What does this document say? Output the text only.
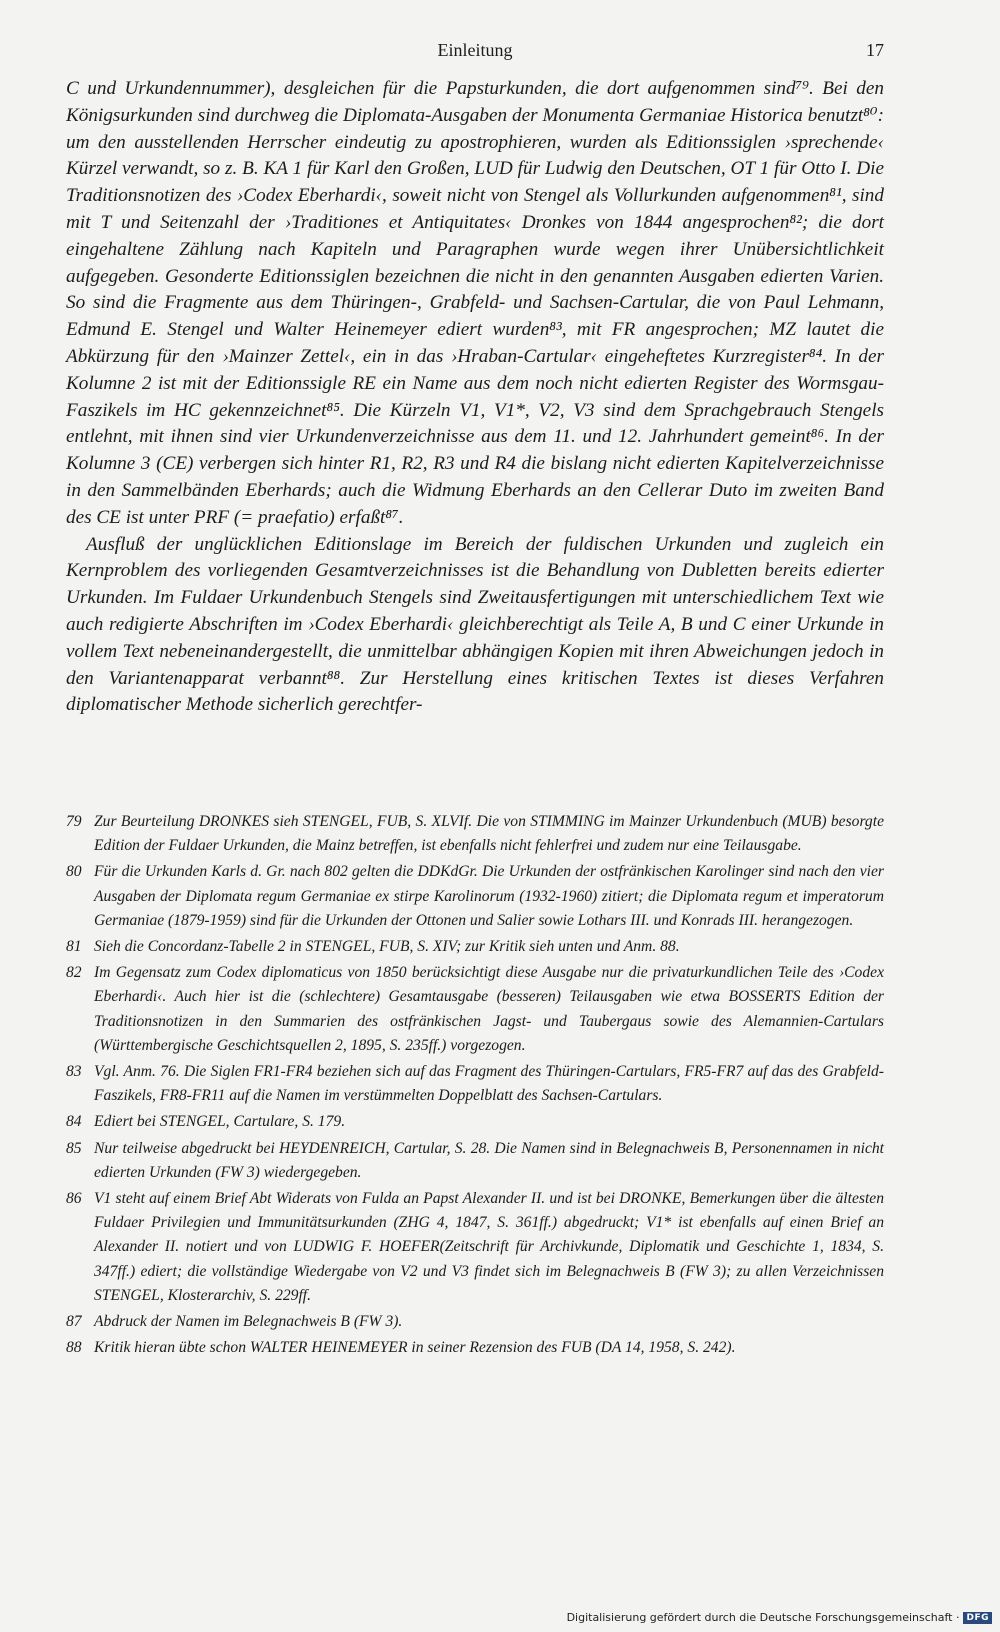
Einleitung	17

C und Urkundennummer), desgleichen für die Papsturkunden, die dort aufgenommen sind⁷⁹. Bei den Königsurkunden sind durchweg die Diplomata-Ausgaben der Monumenta Germaniae Historica benutzt⁸⁰: um den ausstellenden Herrscher eindeutig zu apostrophieren, wurden als Editionssiglen ›sprechende‹ Kürzel verwandt, so z. B. KA 1 für Karl den Großen, LUD für Ludwig den Deutschen, OT 1 für Otto I. Die Traditionsnotizen des ›Codex Eberhardi‹, soweit nicht von Stengel als Vollurkunden aufgenommen⁸¹, sind mit T und Seitenzahl der ›Traditiones et Antiquitates‹ Dronkes von 1844 angesprochen⁸²; die dort eingehaltene Zählung nach Kapiteln und Paragraphen wurde wegen ihrer Unübersichtlichkeit aufgegeben. Gesonderte Editionssiglen bezeichnen die nicht in den genannten Ausgaben edierten Varien. So sind die Fragmente aus dem Thüringen-, Grabfeld- und Sachsen-Cartular, die von Paul Lehmann, Edmund E. Stengel und Walter Heinemeyer ediert wurden⁸³, mit FR angesprochen; MZ lautet die Abkürzung für den ›Mainzer Zettel‹, ein in das ›Hraban-Cartular‹ eingeheftetes Kurzregister⁸⁴. In der Kolumne 2 ist mit der Editionssigle RE ein Name aus dem noch nicht edierten Register des Wormsgau-Faszikels im HC gekennzeichnet⁸⁵. Die Kürzeln V1, V1*, V2, V3 sind dem Sprachgebrauch Stengels entlehnt, mit ihnen sind vier Urkundenverzeichnisse aus dem 11. und 12. Jahrhundert gemeint⁸⁶. In der Kolumne 3 (CE) verbergen sich hinter R1, R2, R3 und R4 die bislang nicht edierten Kapitelverzeichnisse in den Sammelbänden Eberhards; auch die Widmung Eberhards an den Cellerar Duto im zweiten Band des CE ist unter PRF (= praefatio) erfaßt⁸⁷.

Ausfluß der unglücklichen Editionslage im Bereich der fuldischen Urkunden und zugleich ein Kernproblem des vorliegenden Gesamtverzeichnisses ist die Behandlung von Dubletten bereits edierter Urkunden. Im Fuldaer Urkundenbuch Stengels sind Zweitausfertigungen mit unterschiedlichem Text wie auch redigierte Abschriften im ›Codex Eberhardi‹ gleichberechtigt als Teile A, B und C einer Urkunde in vollem Text nebeneinandergestellt, die unmittelbar abhängigen Kopien mit ihren Abweichungen jedoch in den Variantenapparat verbannt⁸⁸. Zur Herstellung eines kritischen Textes ist dieses Verfahren diplomatischer Methode sicherlich gerechtfer-

79 Zur Beurteilung DRONKES sieh STENGEL, FUB, S. XLVIf. Die von STIMMING im Mainzer Urkundenbuch (MUB) besorgte Edition der Fuldaer Urkunden, die Mainz betreffen, ist ebenfalls nicht fehlerfrei und zudem nur eine Teilausgabe.
80 Für die Urkunden Karls d. Gr. nach 802 gelten die DDKdGr. Die Urkunden der ostfränkischen Karolinger sind nach den vier Ausgaben der Diplomata regum Germaniae ex stirpe Karolinorum (1932-1960) zitiert; die Diplomata regum et imperatorum Germaniae (1879-1959) sind für die Urkunden der Ottonen und Salier sowie Lothars III. und Konrads III. herangezogen.
81 Sieh die Concordanz-Tabelle 2 in STENGEL, FUB, S. XIV; zur Kritik sieh unten und Anm. 88.
82 Im Gegensatz zum Codex diplomaticus von 1850 berücksichtigt diese Ausgabe nur die privaturkundlichen Teile des ›Codex Eberhardi‹. Auch hier ist die (schlechtere) Gesamtausgabe (besseren) Teilausgaben wie etwa BOSSERTS Edition der Traditionsnotizen in den Summarien des ostfränkischen Jagst- und Taubergaus sowie des Alemannien-Cartulars (Württembergische Geschichtsquellen 2, 1895, S. 235ff.) vorgezogen.
83 Vgl. Anm. 76. Die Siglen FR1-FR4 beziehen sich auf das Fragment des Thüringen-Cartulars, FR5-FR7 auf das des Grabfeld-Faszikels, FR8-FR11 auf die Namen im verstümmelten Doppelblatt des Sachsen-Cartulars.
84 Ediert bei STENGEL, Cartulare, S. 179.
85 Nur teilweise abgedruckt bei HEYDENREICH, Cartular, S. 28. Die Namen sind in Belegnachweis B, Personennamen in nicht edierten Urkunden (FW 3) wiedergegeben.
86 V1 steht auf einem Brief Abt Widerats von Fulda an Papst Alexander II. und ist bei DRONKE, Bemerkungen über die ältesten Fuldaer Privilegien und Immunitätsurkunden (ZHG 4, 1847, S. 361ff.) abgedruckt; V1* ist ebenfalls auf einen Brief an Alexander II. notiert und von LUDWIG F. HOEFER(Zeitschrift für Archivkunde, Diplomatik und Geschichte 1, 1834, S. 347ff.) ediert; die vollständige Wiedergabe von V2 und V3 findet sich im Belegnachweis B (FW 3); zu allen Verzeichnissen STENGEL, Klosterarchiv, S. 229ff.
87 Abdruck der Namen im Belegnachweis B (FW 3).
88 Kritik hieran übte schon WALTER HEINEMEYER in seiner Rezension des FUB (DA 14, 1958, S. 242).
Digitalisierung gefördert durch die Deutsche Forschungsgemeinschaft · DFG
